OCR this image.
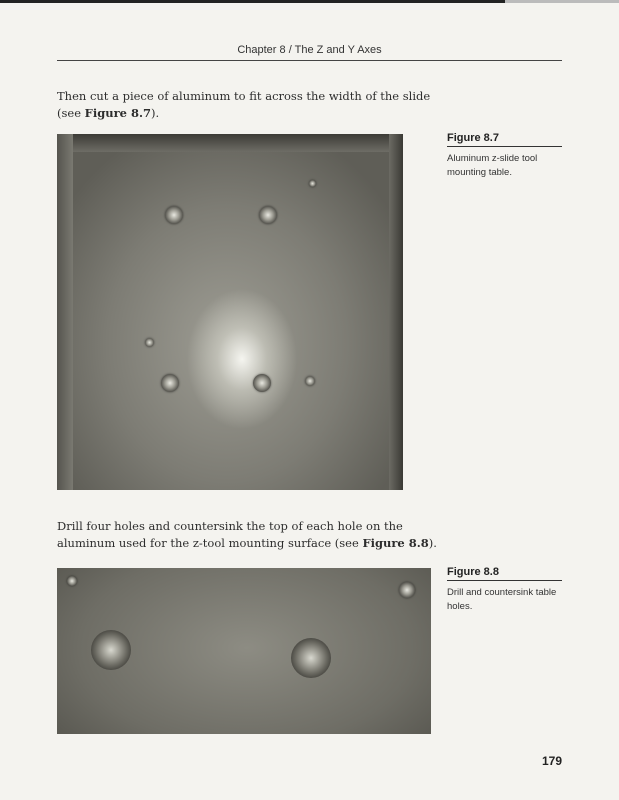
Chapter 8 / The Z and Y Axes

Then cut a piece of aluminum to fit across the width of the slide (see Figure 8.7).

Figure 8.7
Aluminum z-slide tool mounting table.

Drill four holes and countersink the top of each hole on the aluminum used for the z-tool mounting surface (see Figure 8.8).

Figure 8.8
Drill and countersink table holes.
179
